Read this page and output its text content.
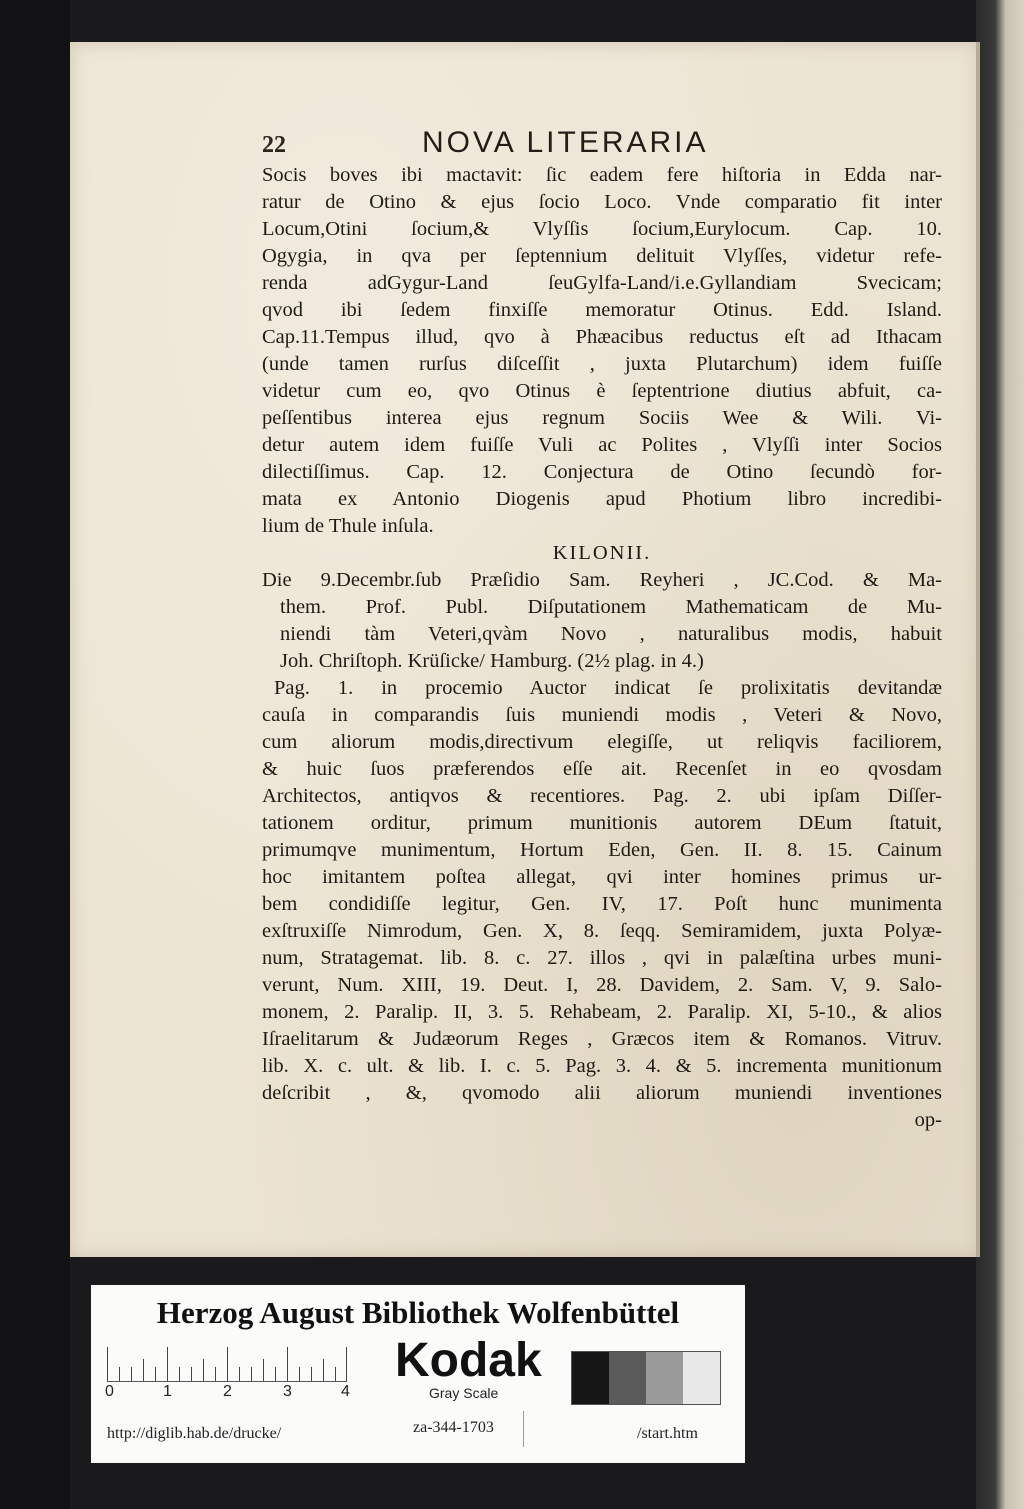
22	NOVA LITERARIA
Socis boves ibi mactavit: ſic eadem fere hiſtoria in Edda nar-
ratur de Otino & ejus ſocio Loco. Vnde comparatio fit inter
Locum,Otini ſocium,& Vlyſſis ſocium,Eurylocum. Cap. 10.
Ogygia, in qva per ſeptennium delituit Vlyſſes, videtur refe-
renda adGygur-Land ſeuGylfa-Land/i.e.Gyllandiam Svecicam;
qvod ibi ſedem finxiſſe memoratur Otinus. Edd. Island.
Cap.11.Tempus illud, qvo à Phæacibus reductus eſt ad Ithacam
(unde tamen rurſus diſceſſit , juxta Plutarchum) idem fuiſſe
videtur cum eo, qvo Otinus è ſeptentrione diutius abfuit, ca-
peſſentibus interea ejus regnum Sociis Wee & Wili. Vi-
detur autem idem fuiſſe Vuli ac Polites , Vlyſſi inter Socios
dilectiſſimus. Cap. 12. Conjectura de Otino ſecundò for-
mata ex Antonio Diogenis apud Photium libro incredibi-
lium de Thule inſula.
KILONII.
Die 9.Decembr.ſub Præſidio Sam. Reyheri , JC.Cod. & Ma-
them. Prof. Publ. Diſputationem Mathematicam de Mu-
niendi tàm Veteri,qvàm Novo , naturalibus modis, habuit
Joh. Chriſtoph. Krüſicke/ Hamburg. (2½ plag. in 4.)
Pag. 1. in procemio Auctor indicat ſe prolixitatis devitandæ
cauſa in comparandis ſuis muniendi modis , Veteri & Novo,
cum aliorum modis,directivum elegiſſe, ut reliqvis faciliorem,
& huic ſuos præferendos eſſe ait. Recenſet in eo qvosdam
Architectos, antiqvos & recentiores. Pag. 2. ubi ipſam Diſſer-
tationem orditur, primum munitionis autorem DEum ſtatuit,
primumqve munimentum, Hortum Eden, Gen. II. 8. 15. Cainum
hoc imitantem poſtea allegat, qvi inter homines primus ur-
bem condidiſſe legitur, Gen. IV, 17. Poſt hunc munimenta
exſtruxiſſe Nimrodum, Gen. X, 8. ſeqq. Semiramidem, juxta Polyæ-
num, Stratagemat. lib. 8. c. 27. illos , qvi in palæſtina urbes muni-
verunt, Num. XIII, 19. Deut. I, 28. Davidem, 2. Sam. V, 9. Salo-
monem, 2. Paralip. II, 3. 5. Rehabeam, 2. Paralip. XI, 5-10., & alios
Iſraelitarum & Judæorum Reges , Græcos item & Romanos. Vitruv.
lib. X. c. ult. & lib. I. c. 5. Pag. 3. 4. & 5. incrementa munitionum
deſcribit , &, qvomodo alii aliorum muniendi inventiones
op-
Herzog August Bibliothek Wolfenbüttel
0	1	2	3	4
Kodak
Gray Scale
http://diglib.hab.de/drucke/	za-344-1703	/start.htm
